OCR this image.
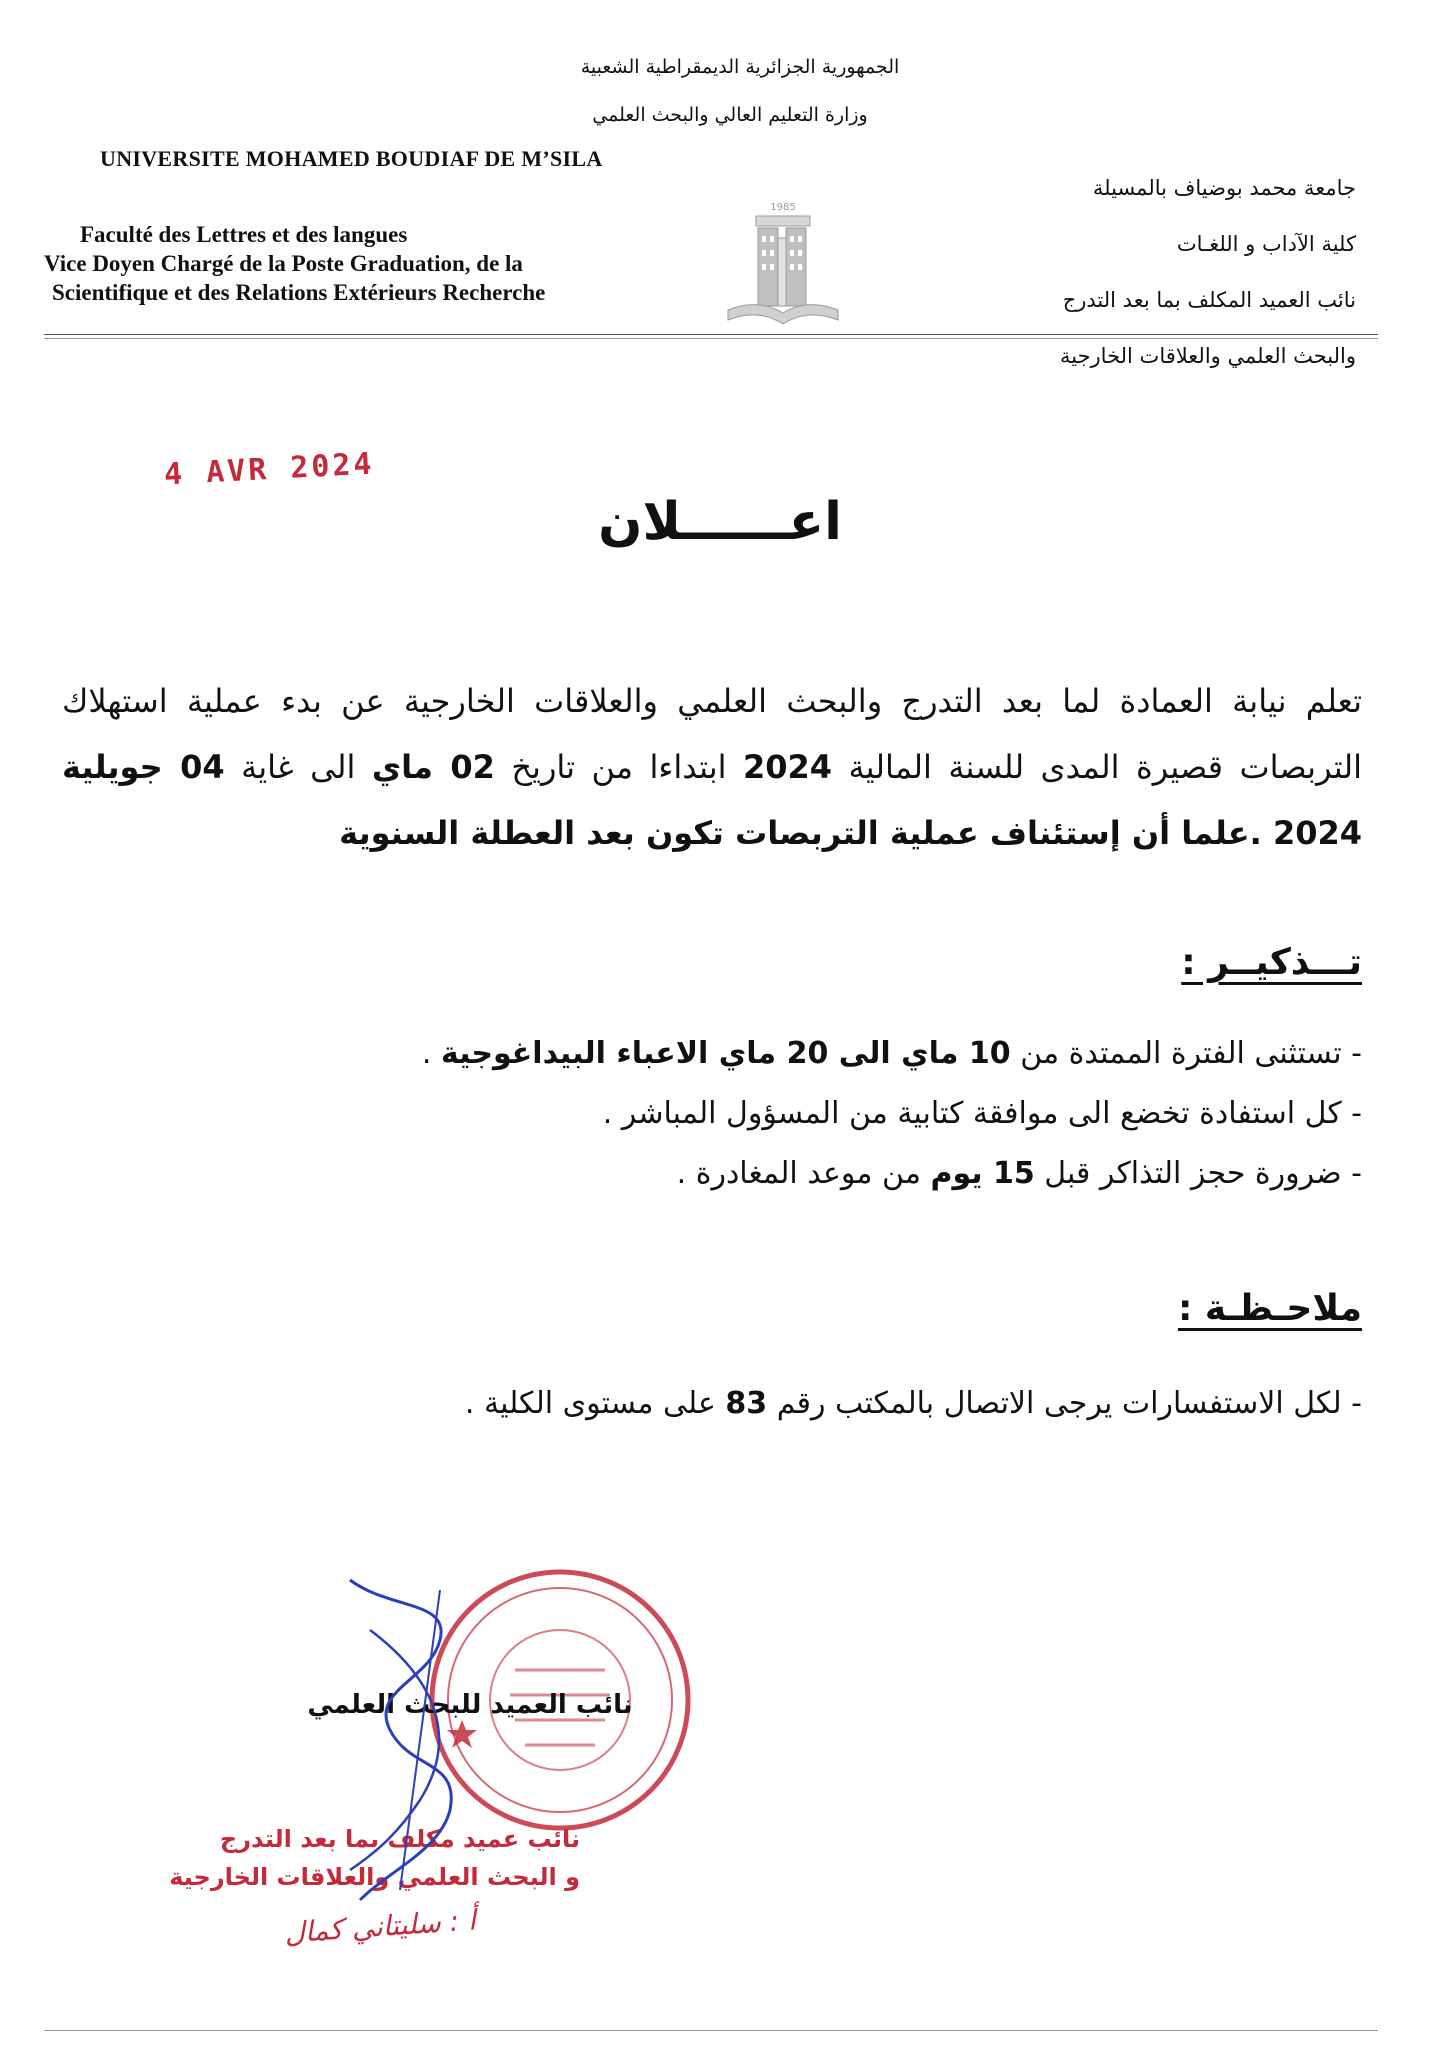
الجمهورية الجزائرية الديمقراطية الشعبية
وزارة التعليم العالي والبحث العلمي
UNIVERSITE MOHAMED BOUDIAF DE M’SILA
Faculté des Lettres et des langues
Vice Doyen Chargé de la Poste Graduation, de la
Scientifique et des Relations Extérieurs Recherche
جامعة محمد بوضياف بالمسيلة
كلية الآداب و اللغـات
نائب العميد المكلف بما بعد التدرج
والبحث العلمي والعلاقات الخارجية
1985
4 AVR 2024
اعــــــلان
تعلم نيابة العمادة لما بعد التدرج والبحث العلمي والعلاقات الخارجية عن بدء عملية استهلاك التربصات قصيرة المدى للسنة المالية 2024 ابتداءا من تاريخ 02 ماي الى غاية 04 جويلية 2024 .علما أن إستئناف عملية التربصات تكون بعد العطلة السنوية
تـــذكيــر :
- تستثنى الفترة الممتدة من 10 ماي الى 20 ماي الاعباء البيداغوجية .
- كل استفادة تخضع الى موافقة كتابية من المسؤول المباشر .
- ضرورة حجز التذاكر قبل 15 يوم من موعد المغادرة .
ملاحـظـة :
- لكل الاستفسارات يرجى الاتصال بالمكتب رقم 83 على مستوى الكلية .
نائب العميد للبحث العلمي
نائب عميد مكلف بما بعد التدرج
و البحث العلمي والعلاقات الخارجية
أ : سليتاني كمال
